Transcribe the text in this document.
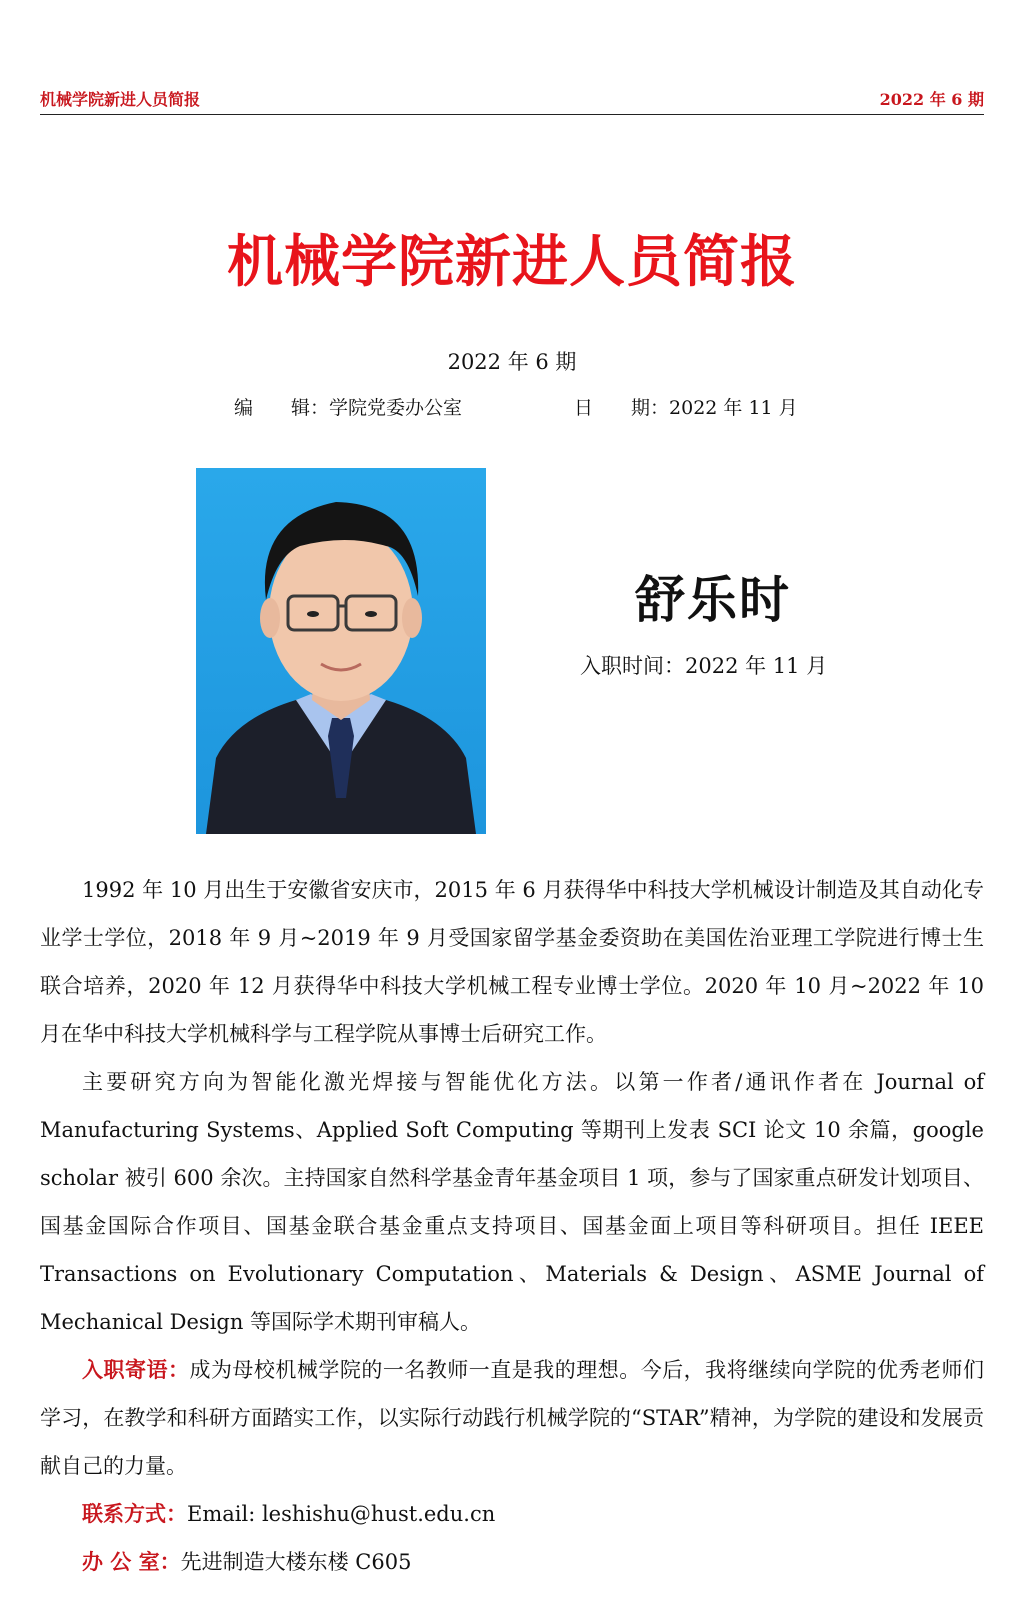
机械学院新进人员简报	2022 年 6 期
机械学院新进人员简报
2022 年 6 期
编　　辑：学院党委办公室	日　　期：2022 年 11 月
舒乐时
入职时间：2022 年 11 月

1992 年 10 月出生于安徽省安庆市，2015 年 6 月获得华中科技大学机械设计制造及其自动化专业学士学位，2018 年 9 月~2019 年 9 月受国家留学基金委资助在美国佐治亚理工学院进行博士生联合培养，2020 年 12 月获得华中科技大学机械工程专业博士学位。2020 年 10 月~2022 年 10 月在华中科技大学机械科学与工程学院从事博士后研究工作。

主要研究方向为智能化激光焊接与智能优化方法。以第一作者/通讯作者在 Journal of Manufacturing Systems、Applied Soft Computing 等期刊上发表 SCI 论文 10 余篇，google scholar 被引 600 余次。主持国家自然科学基金青年基金项目 1 项，参与了国家重点研发计划项目、国基金国际合作项目、国基金联合基金重点支持项目、国基金面上项目等科研项目。担任 IEEE Transactions on Evolutionary Computation、Materials & Design、ASME Journal of Mechanical Design 等国际学术期刊审稿人。

入职寄语：成为母校机械学院的一名教师一直是我的理想。今后，我将继续向学院的优秀老师们学习，在教学和科研方面踏实工作，以实际行动践行机械学院的“STAR”精神，为学院的建设和发展贡献自己的力量。

联系方式：Email: leshishu@hust.edu.cn

办 公 室：先进制造大楼东楼 C605
